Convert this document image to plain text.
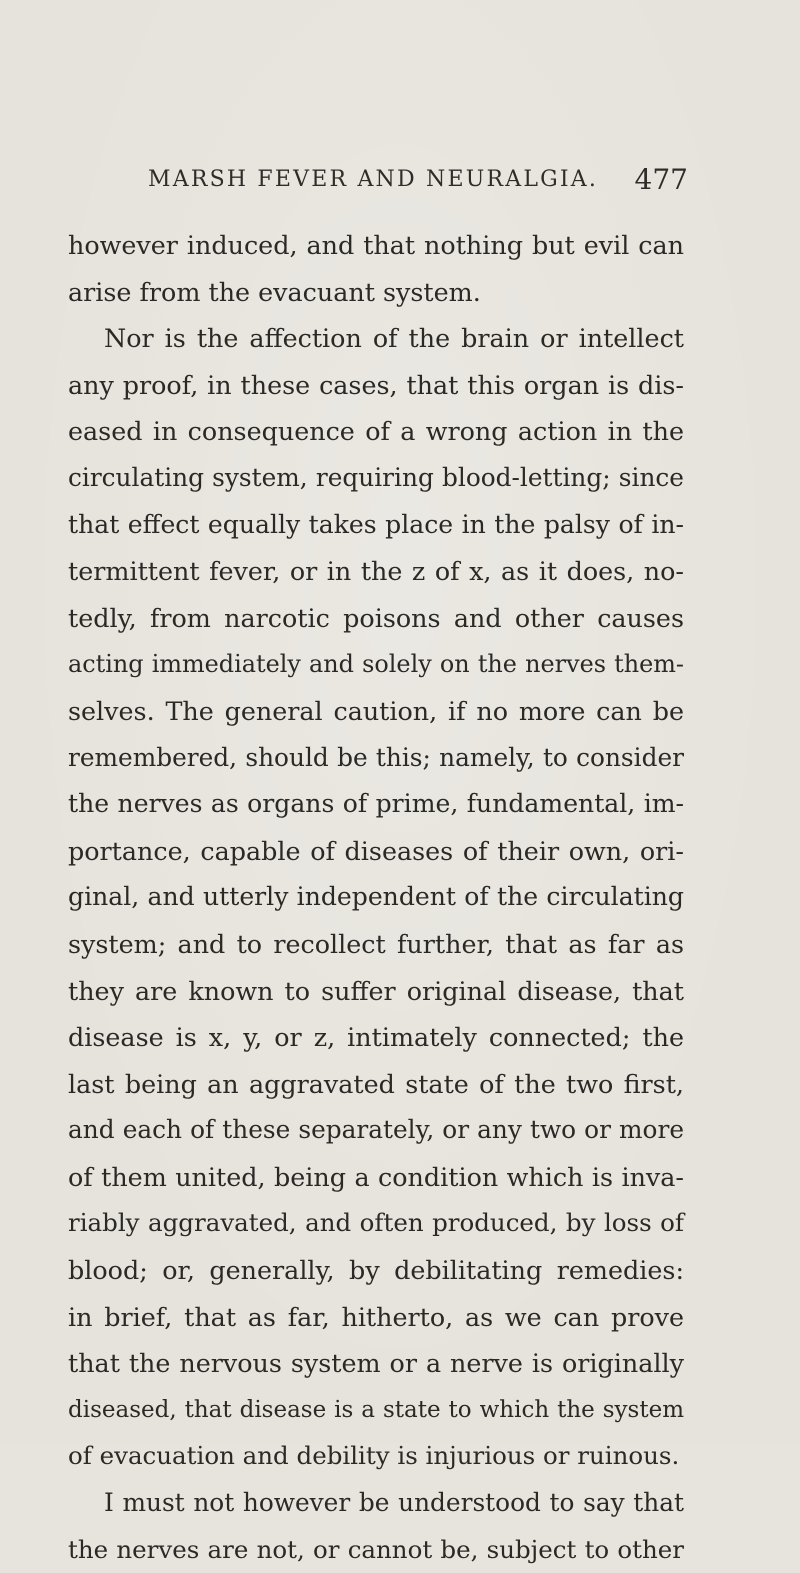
MARSH FEVER AND NEURALGIA. 477
however induced, and that nothing but evil can
arise from the evacuant system.
Nor is the affection of the brain or intellect
any proof, in these cases, that this organ is dis-
eased in consequence of a wrong action in the
circulating system, requiring blood-letting; since
that effect equally takes place in the palsy of in-
termittent fever, or in the z of x, as it does, no-
tedly, from narcotic poisons and other causes
acting immediately and solely on the nerves them-
selves. The general caution, if no more can be
remembered, should be this; namely, to consider
the nerves as organs of prime, fundamental, im-
portance, capable of diseases of their own, ori-
ginal, and utterly independent of the circulating
system; and to recollect further, that as far as
they are known to suffer original disease, that
disease is x, y, or z, intimately connected; the
last being an aggravated state of the two first,
and each of these separately, or any two or more
of them united, being a condition which is inva-
riably aggravated, and often produced, by loss of
blood; or, generally, by debilitating remedies:
in brief, that as far, hitherto, as we can prove
that the nervous system or a nerve is originally
diseased, that disease is a state to which the system
of evacuation and debility is injurious or ruinous.
I must not however be understood to say that
the nerves are not, or cannot be, subject to other
